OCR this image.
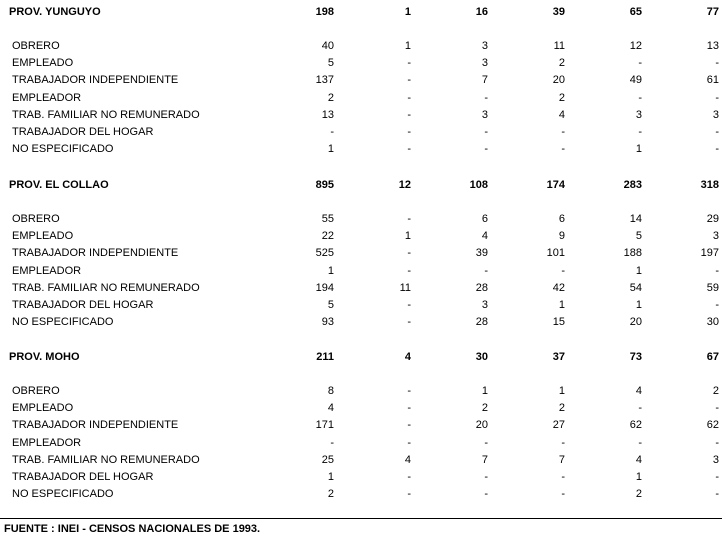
PROV. YUNGUYO	198	1	16	39	65	77
OBRERO	40	1	3	11	12	13
EMPLEADO	5	-	3	2	-	-
TRABAJADOR INDEPENDIENTE	137	-	7	20	49	61
EMPLEADOR	2	-	-	2	-	-
TRAB. FAMILIAR NO REMUNERADO	13	-	3	4	3	3
TRABAJADOR DEL HOGAR	-	-	-	-	-	-
NO ESPECIFICADO	1	-	-	-	1	-
PROV. EL COLLAO	895	12	108	174	283	318
OBRERO	55	-	6	6	14	29
EMPLEADO	22	1	4	9	5	3
TRABAJADOR INDEPENDIENTE	525	-	39	101	188	197
EMPLEADOR	1	-	-	-	1	-
TRAB. FAMILIAR NO REMUNERADO	194	11	28	42	54	59
TRABAJADOR DEL HOGAR	5	-	3	1	1	-
NO ESPECIFICADO	93	-	28	15	20	30
PROV. MOHO	211	4	30	37	73	67
OBRERO	8	-	1	1	4	2
EMPLEADO	4	-	2	2	-	-
TRABAJADOR INDEPENDIENTE	171	-	20	27	62	62
EMPLEADOR	-	-	-	-	-	-
TRAB. FAMILIAR NO REMUNERADO	25	4	7	7	4	3
TRABAJADOR DEL HOGAR	1	-	-	-	1	-
NO ESPECIFICADO	2	-	-	-	2	-
FUENTE : INEI - CENSOS NACIONALES DE 1993.
